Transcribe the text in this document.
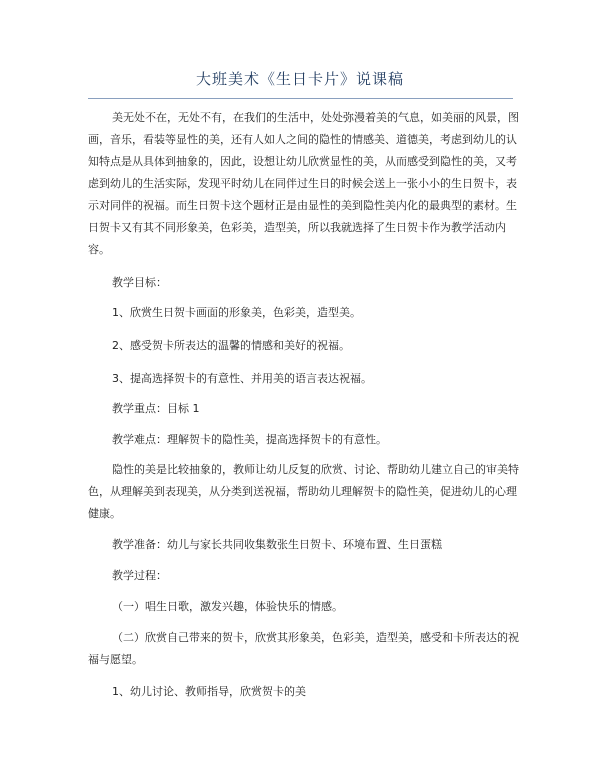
大班美术《生日卡片》说课稿

美无处不在，无处不有，在我们的生活中，处处弥漫着美的气息，如美丽的风景，图画，音乐，看装等显性的美，还有人如人之间的隐性的情感美、道德美，考虑到幼儿的认知特点是从具体到抽象的，因此，设想让幼儿欣赏显性的美，从而感受到隐性的美，又考虑到幼儿的生活实际，发现平时幼儿在同伴过生日的时候会送上一张小小的生日贺卡，表示对同伴的祝福。而生日贺卡这个题材正是由显性的美到隐性美内化的最典型的素材。生日贺卡又有其不同形象美，色彩美，造型美，所以我就选择了生日贺卡作为教学活动内容。

教学目标：

1、欣赏生日贺卡画面的形象美，色彩美，造型美。

2、感受贺卡所表达的温馨的情感和美好的祝福。

3、提高选择贺卡的有意性、并用美的语言表达祝福。

教学重点：目标 1

教学难点：理解贺卡的隐性美，提高选择贺卡的有意性。

隐性的美是比较抽象的，教师让幼儿反复的欣赏、讨论、帮助幼儿建立自己的审美特色，从理解美到表现美，从分类到送祝福，帮助幼儿理解贺卡的隐性美，促进幼儿的心理健康。

教学准备：幼儿与家长共同收集数张生日贺卡、环境布置、生日蛋糕

教学过程：

（一）唱生日歌，激发兴趣，体验快乐的情感。

（二）欣赏自己带来的贺卡，欣赏其形象美，色彩美，造型美，感受和卡所表达的祝福与愿望。

1、幼儿讨论、教师指导，欣赏贺卡的美
